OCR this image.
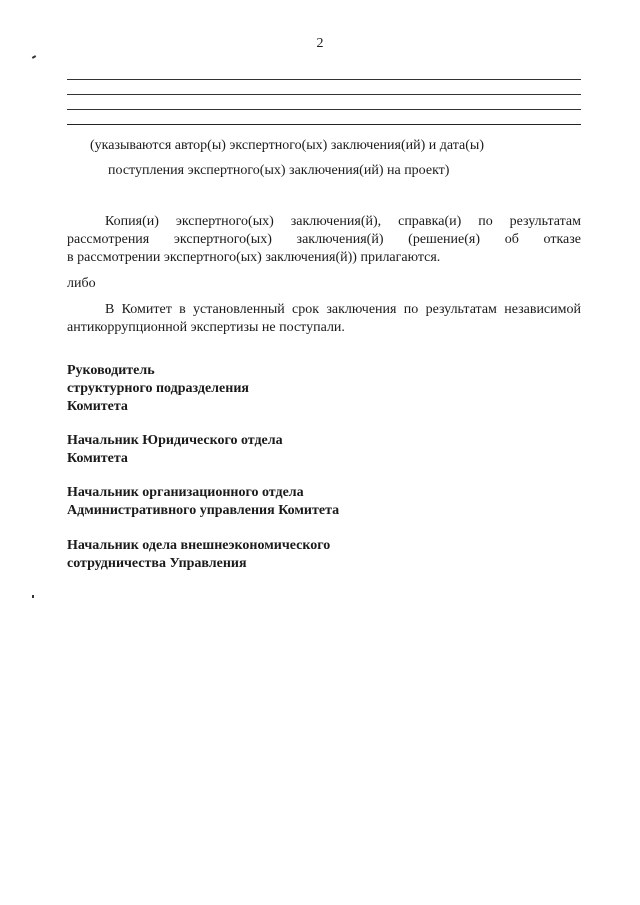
2
(указываются автор(ы) экспертного(ых) заключения(ий) и дата(ы)
поступления экспертного(ых) заключения(ий) на проект)
Копия(и) экспертного(ых) заключения(й), справка(и) по результатам
рассмотрения экспертного(ых) заключения(й) (решение(я) об отказе
в рассмотрении экспертного(ых) заключения(й)) прилагаются.
либо
В Комитет в установленный срок заключения по результатам независимой
антикоррупционной экспертизы не поступали.
Руководитель
структурного подразделения
Комитета
Начальник Юридического отдела
Комитета
Начальник организационного отдела
Административного управления Комитета
Начальник одела внешнеэкономического
сотрудничества Управления
